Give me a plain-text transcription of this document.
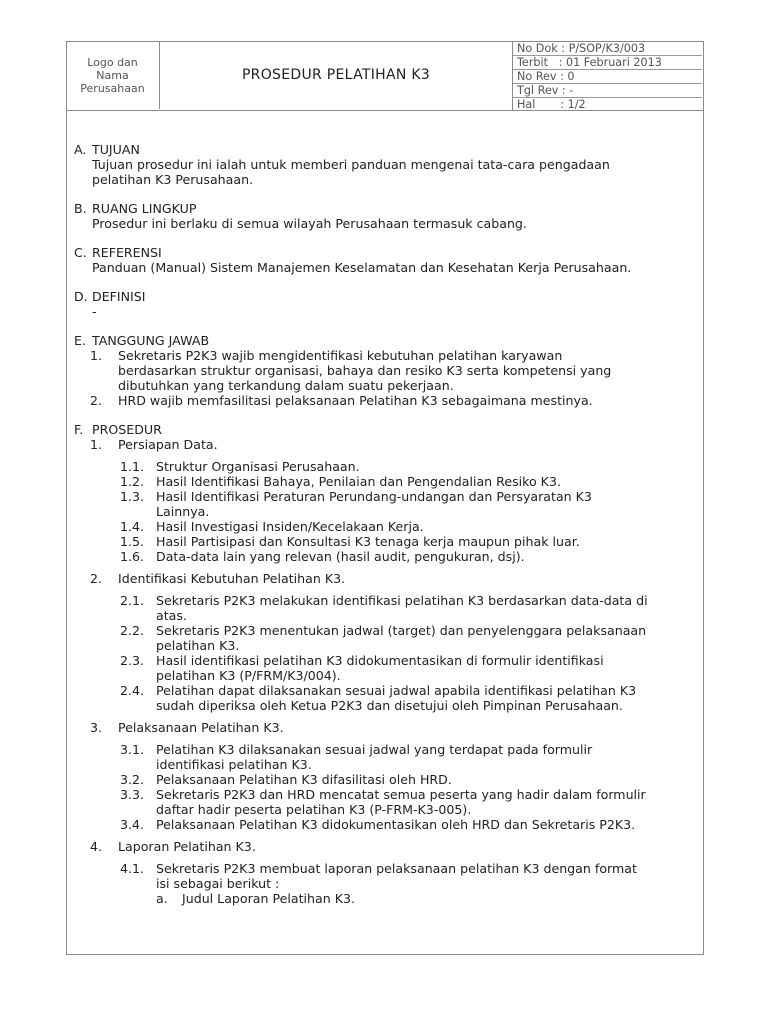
Logo dan
Nama
Perusahaan
PROSEDUR PELATIHAN K3
No Dok : P/SOP/K3/003
Terbit   : 01 Februari 2013
No Rev : 0
Tgl Rev : -
Hal       : 1/2
A. TUJUAN
Tujuan prosedur ini ialah untuk memberi panduan mengenai tata-cara pengadaan
pelatihan K3 Perusahaan.
B. RUANG LINGKUP
Prosedur ini berlaku di semua wilayah Perusahaan termasuk cabang.
C. REFERENSI
Panduan (Manual) Sistem Manajemen Keselamatan dan Kesehatan Kerja Perusahaan.
D. DEFINISI
-
E. TANGGUNG JAWAB
1.	Sekretaris P2K3 wajib mengidentifikasi kebutuhan pelatihan karyawan
berdasarkan struktur organisasi, bahaya dan resiko K3 serta kompetensi yang
dibutuhkan yang terkandung dalam suatu pekerjaan.
2.	HRD wajib memfasilitasi pelaksanaan Pelatihan K3 sebagaimana mestinya.
F. PROSEDUR
1.	Persiapan Data.
1.1. Struktur Organisasi Perusahaan.
1.2. Hasil Identifikasi Bahaya, Penilaian dan Pengendalian Resiko K3.
1.3. Hasil Identifikasi Peraturan Perundang-undangan dan Persyaratan K3
Lainnya.
1.4. Hasil Investigasi Insiden/Kecelakaan Kerja.
1.5. Hasil Partisipasi dan Konsultasi K3 tenaga kerja maupun pihak luar.
1.6. Data-data lain yang relevan (hasil audit, pengukuran, dsj).
2.	Identifikasi Kebutuhan Pelatihan K3.
2.1. Sekretaris P2K3 melakukan identifikasi pelatihan K3 berdasarkan data-data di
atas.
2.2. Sekretaris P2K3 menentukan jadwal (target) dan penyelenggara pelaksanaan
pelatihan K3.
2.3. Hasil identifikasi pelatihan K3 didokumentasikan di formulir identifikasi
pelatihan K3 (P/FRM/K3/004).
2.4. Pelatihan dapat dilaksanakan sesuai jadwal apabila identifikasi pelatihan K3
sudah diperiksa oleh Ketua P2K3 dan disetujui oleh Pimpinan Perusahaan.
3.	Pelaksanaan Pelatihan K3.
3.1. Pelatihan K3 dilaksanakan sesuai jadwal yang terdapat pada formulir
identifikasi pelatihan K3.
3.2. Pelaksanaan Pelatihan K3 difasilitasi oleh HRD.
3.3. Sekretaris P2K3 dan HRD mencatat semua peserta yang hadir dalam formulir
daftar hadir peserta pelatihan K3 (P-FRM-K3-005).
3.4. Pelaksanaan Pelatihan K3 didokumentasikan oleh HRD dan Sekretaris P2K3.
4.	Laporan Pelatihan K3.
4.1. Sekretaris P2K3 membuat laporan pelaksanaan pelatihan K3 dengan format
isi sebagai berikut :
a.	Judul Laporan Pelatihan K3.
